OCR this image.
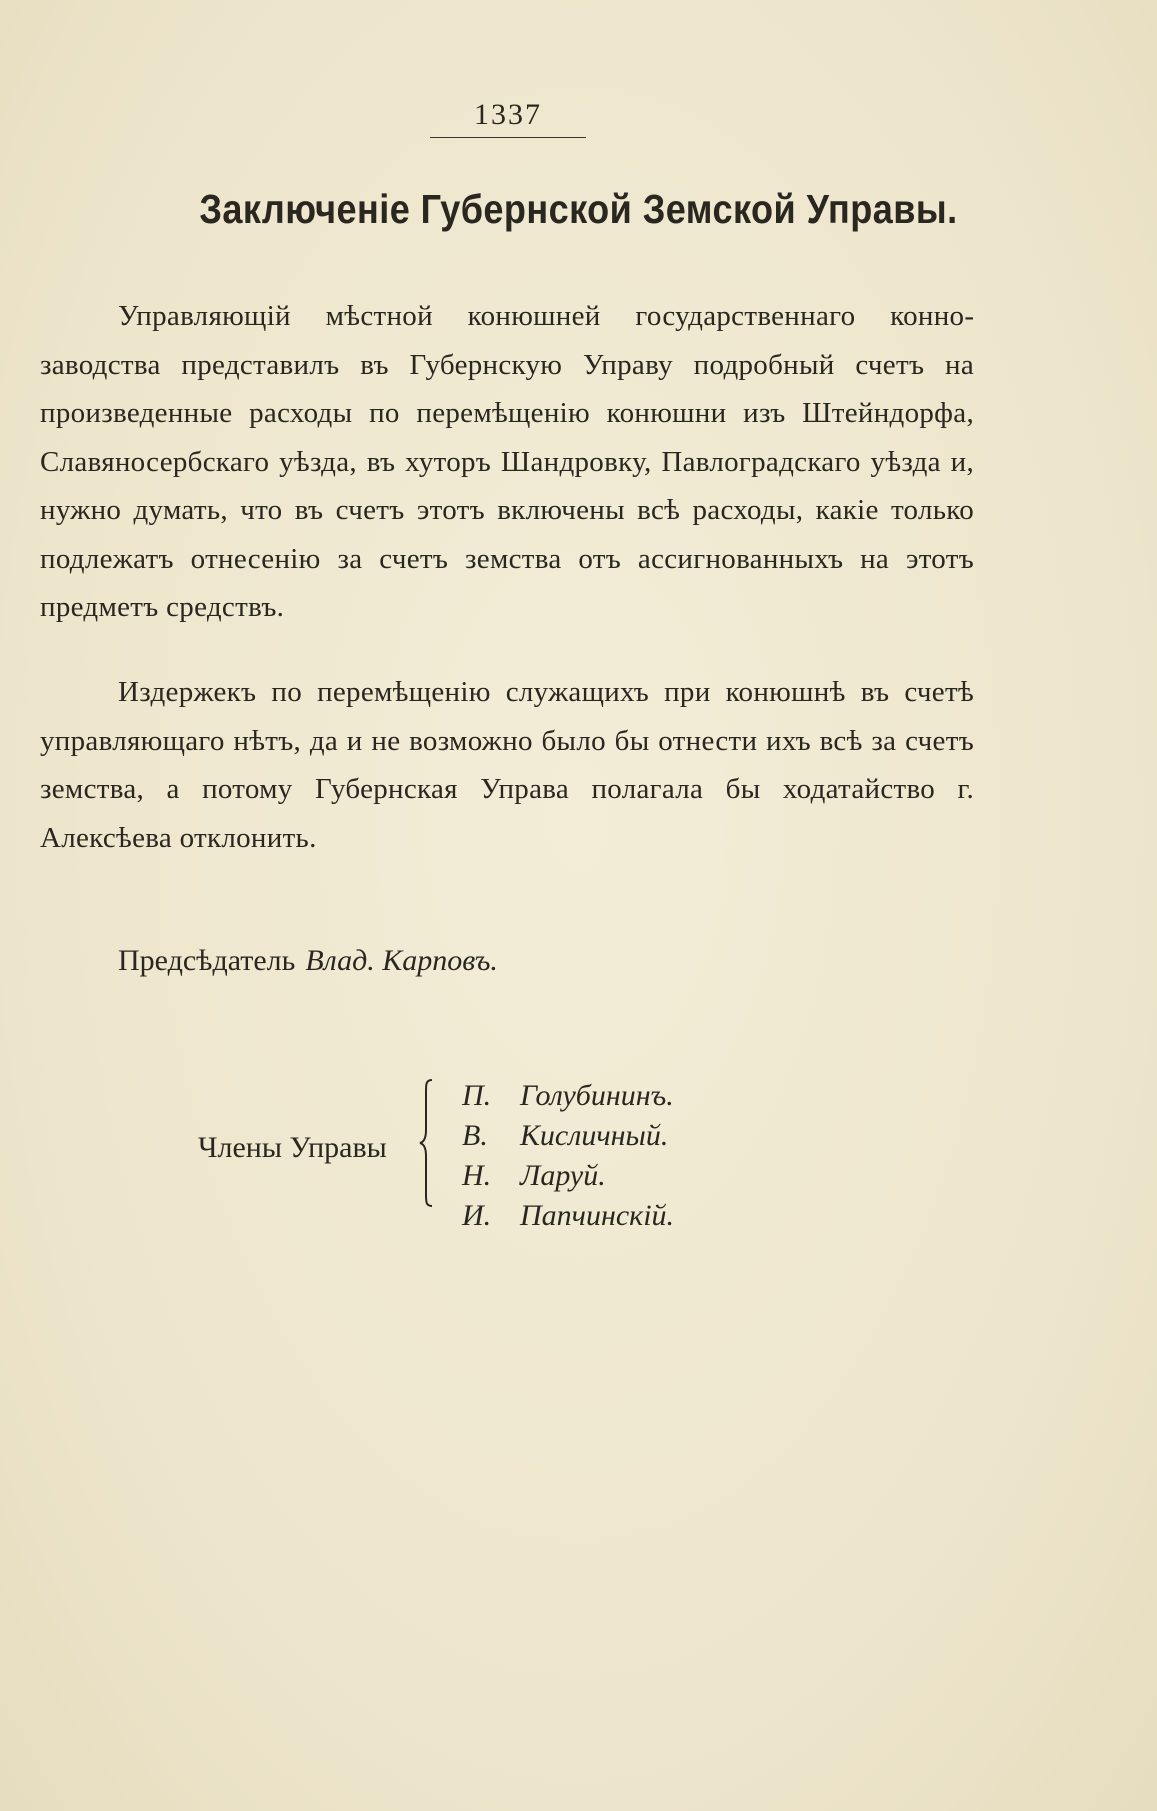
1337
Заключеніе Губернской Земской Управы.

Управляющій мѣстной конюшней государственнаго коннозаводства представилъ въ Губернскую Управу подробный счетъ на произведенные расходы по перемѣщенію конюшни изъ Штейндорфа, Славяносербскаго уѣзда, въ хуторъ Шандровку, Павлоградскаго уѣзда и, нужно думать, что въ счетъ этотъ включены всѣ расходы, какіе только подлежатъ отнесенію за счетъ земства отъ ассигнованныхъ на этотъ предметъ средствъ.

Издержекъ по перемѣщенію служащихъ при конюшнѣ въ счетѣ управляющаго нѣтъ, да и не возможно было бы отнести ихъ всѣ за счетъ земства, а потому Губернская Управа полагала бы ходатайство г. Алексѣева отклонить.

Предсѣдатель Влад. Карповъ.
Члены Управы
П. Голубининъ.
В. Кисличный.
Н. Ларуй.
И. Папчинскій.
